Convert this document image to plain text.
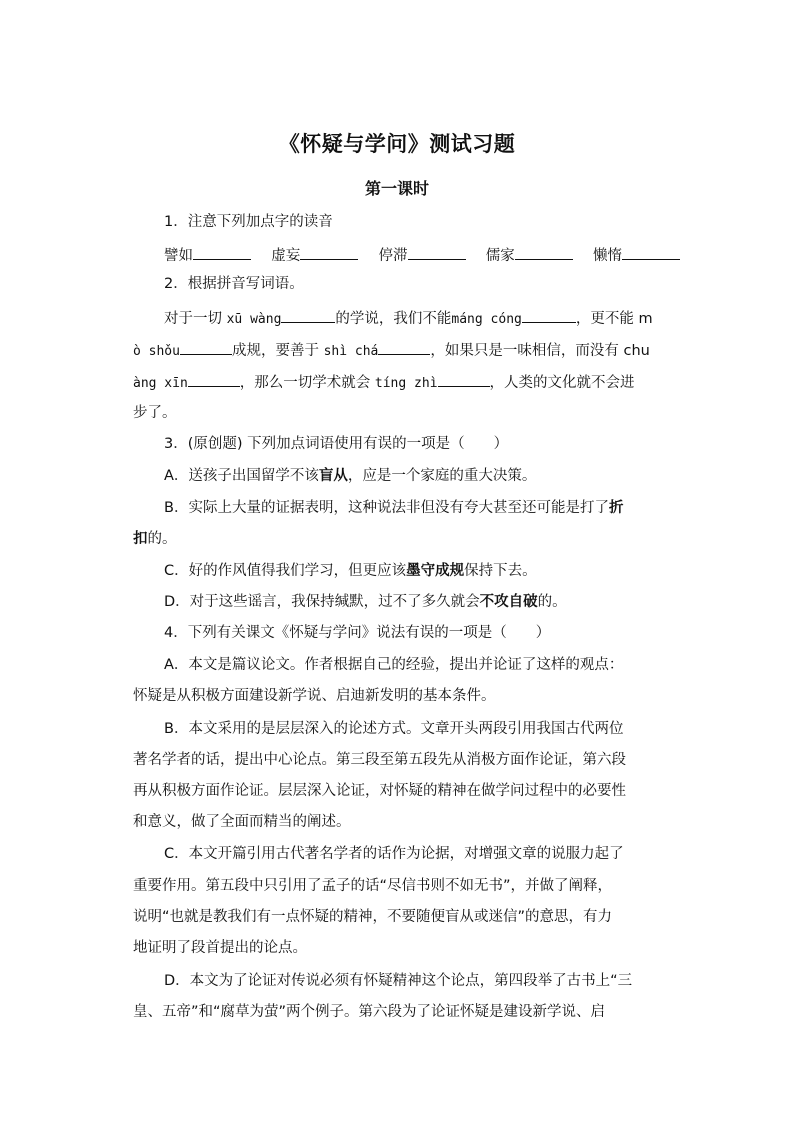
《怀疑与学问》测试习题
第一课时
1．注意下列加点字的读音
譬如	虚妄	停滞	儒家	懒惰
2．根据拼音写词语。
对于一切 xū wàng	的学说，我们不能máng cóng	，更不能 m
ò shǒu	成规，要善于 shì chá	，如果只是一味相信，而没有 chu
àng xīn	，那么一切学术就会 tíng zhì	，人类的文化就不会进
步了。
3．(原创题) 下列加点词语使用有误的一项是（　　）
A．送孩子出国留学不该盲从，应是一个家庭的重大决策。
B．实际上大量的证据表明，这种说法非但没有夸大甚至还可能是打了折
扣的。
C．好的作风值得我们学习，但更应该墨守成规保持下去。
D．对于这些谣言，我保持缄默，过不了多久就会不攻自破的。
4．下列有关课文《怀疑与学问》说法有误的一项是（　　）
A．本文是篇议论文。作者根据自己的经验，提出并论证了这样的观点：
怀疑是从积极方面建设新学说、启迪新发明的基本条件。
B．本文采用的是层层深入的论述方式。文章开头两段引用我国古代两位
著名学者的话，提出中心论点。第三段至第五段先从消极方面作论证，第六段
再从积极方面作论证。层层深入论证，对怀疑的精神在做学问过程中的必要性
和意义，做了全面而精当的阐述。
C．本文开篇引用古代著名学者的话作为论据，对增强文章的说服力起了
重要作用。第五段中只引用了孟子的话“尽信书则不如无书”，并做了阐释，
说明“也就是教我们有一点怀疑的精神，不要随便盲从或迷信”的意思，有力
地证明了段首提出的论点。
D．本文为了论证对传说必须有怀疑精神这个论点，第四段举了古书上“三
皇、五帝”和“腐草为萤”两个例子。第六段为了论证怀疑是建设新学说、启
